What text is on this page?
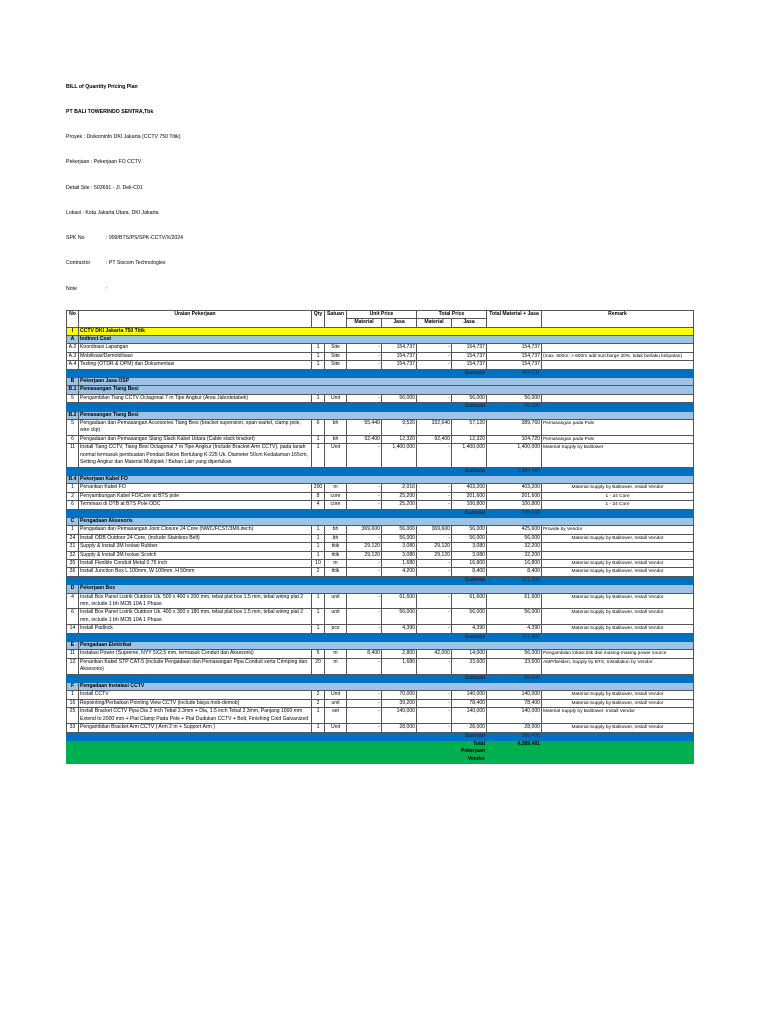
BILL of Quantity Pricing Plan

PT BALI TOWERINDO SENTRA,Tbk

Proyek : Diskominfo DKI Jakarta (CCTV 750 Titik)

Pekerjaan : Pekerjaan FO CCTV

Detail Site : 503691 - Jl. Deli-C01

Lokasi : Kota Jakarta Utara, DKI Jakarta

SPK No	: 999/BTS/PS/SPK-CCTV/X/2024

Contractor	: PT Siscom Technologies

Note	:

No	Uraian Pekerjaan	Qty	Satuan	Unit Price		Total Price		Total Material + Jasa	Remark
				Material	Jasa	Material	Jasa		
I	CCTV DKI Jakarta 750 Titik								
A	Indirect Cost								
A.2	Koordinasi Lapangan	1	Site	-	154,737	-	154,737	154,737	
A.3	Mobilisasi/Demobilisasi	1	Site	-	154,737	-	154,737	154,737	(max. 600m; > 600m add surcharge 20%, tidak berlaku kelipatan)
A.4	Testing (OTDR & OPM) dan Dokumentasi	1	Site	-	154,737	-	154,737	154,737	
							Subtotal	464,211	
B	Pekerjaan Jasa OSP								
B.1	Pemasangan Tiang Besi								
5	Pengambilan Tiang CCTV Octagonal 7 m Tipe Angkur (Area Jabodetabek)	1	Unit	-	56,000	-	56,000	56,000	
							Subtotal	56,000	
B.2	Pemasangan Tiang Besi								
5	Pengadaan dan Pemasangan Accesories Tiang Besi (bracket supension, span wartel, clamp pole, wire clip)	6	bh	55,440	9,520	332,640	57,120	389,760	Pemasangan pada Pole
6	Pengadaan dan Pemasangan Slang Slack Kabel Udara (Cable slack bracket)	1	bh	92,400	12,320	92,400	12,320	104,720	Pemasangan pada Pole
11	Install Tiang CCTV, Tiang Besi Octagonal 7 m Tipe Angkur (Include Bracket Arm CCTV), pada tanah normal termasuk pembuatan Pondasi Beton Bertulang K-225 Uk. Diameter 50cm Kedalaman 165cm, Setting Angkur dan Material Multiplek / Bahan Lain yang diperlukan	1	Unit	-	1,400,000	-	1,400,000	1,400,000	Material Supply by Balitower
							Subtotal	1,894,480	
B.4	Pekerjaan Kabel FO								
1	Penarikan Kabel FO	200	m	-	2,016	-	403,200	403,200	Material Supply by Balitower, Install Vendor
2	Penyambungan Kabel FO/Core at BTS pole	8	core	-	25,200	-	201,600	201,600	1 - 24 Core
6	Terminasi di OTB at BTS Pole ODC	4	core	-	25,200	-	100,800	100,800	1 - 24 Core
							Subtotal	705,600	
C	Pengadaan Aksesoris								
1	Pengadaan dan Pemasangan Joint Closure 24 Core (NWC/FCST/3M/Litech)	1	bh	369,600	56,000	369,600	56,000	425,600	Provide by Vendor
24	Install ODB Outdoor 24 Core, (include Stainless Belt)	1	bh	-	56,000	-	56,000	56,000	Material Supply by Balitower, Install Vendor
31	Supply & Install 3M Isolasi Rubber	1	titik	29,120	3,080	29,120	3,080	32,200	
32	Supply & Install 3M Isolasi Scotch	1	titik	29,120	3,080	29,120	3,080	32,200	
35	Install Flexible Conduit Metal 0.75 inch	10	m	-	1,680	-	16,800	16,800	Material Supply by Balitower, Install Vendor
36	Install Junction Box L 100mm, W 100mm, H 50mm	2	titik	-	4,200	-	8,400	8,400	Material Supply by Balitower, Install Vendor
							Subtotal	571,200	
D	Pekerjaan Box								
4	Install Box Panel Listrik Outdoor Uk. 500 x 400 x 200 mm, tebal plat box 1.5 mm, tebal wiring plat 2 mm, include 1 bh MCB 10A 1 Phase	1	unit	-	61,600	-	61,600	61,600	Material Supply by Balitower, Install Vendor
6	Install Box Panel Listrik Outdoor Uk. 400 x 300 x 180 mm, tebal plat box 1.5 mm, tebal wiring plat 2 mm, include 1 bh MCB 10A 1 Phase	1	unit	-	56,000	-	56,000	56,000	Material Supply by Balitower, Install Vendor
14	Install Padlock	1	pcs	-	4,390	-	4,390	4,390	Material Supply by Balitower, Install Vendor
							Subtotal	121,990	
E	Pengadaan Elektrikal								
11	Instalasi Power (Supreme, NYY 5X2,5 mm, termasuk Conduit dan Aksesoris)	5	m	8,400	2,800	42,000	14,000	56,000	Pengambilan lokasi titik dari masing-masing power source
12	Penarikan Kabel STP CAT-5 (include Pengadaan dan Pemasangan Pipa Conduit serta Crimping dan Aksesoris)	20	m	-	1,680	-	33,600	33,600	AMP/Belden, Supply by BTS, Installation by Vendor
							Subtotal	89,600	
F	Pengadaan Instalasi CCTV								
1	Install CCTV	2	Unit	-	70,000	-	140,000	140,000	Material Supply by Balitower, Install Vendor
16	Repointing/Perbaikan Pointing View CCTV (include biaya mob-demob)	2	unit	-	39,200	-	78,400	78,400	Material Supply by Balitower, Install Vendor
25	Install Bracket CCTV Pipa Dia 2 inch Tebal 2.3mm + Dia, 1.5 inch Tebal 2.3mm, Panjang 1000 mm Extend to 2000 mm + Plat Clamp Pada Pole + Plat Dudukan CCTV + Bolt, Finishing Cold Galvanized	1	set	-	140,000	-	140,000	140,000	Material Supply by Balitower, Install Vendor
33	Pengambilan Bracket Arm CCTV ( Arm 2 m + Support Arm )	1	Unit	-	28,000	-	28,000	28,000	Material Supply by Balitower, Install Vendor
							Subtotal	386,400	
							Total Pekerjaan Vendor	4,289,481	
